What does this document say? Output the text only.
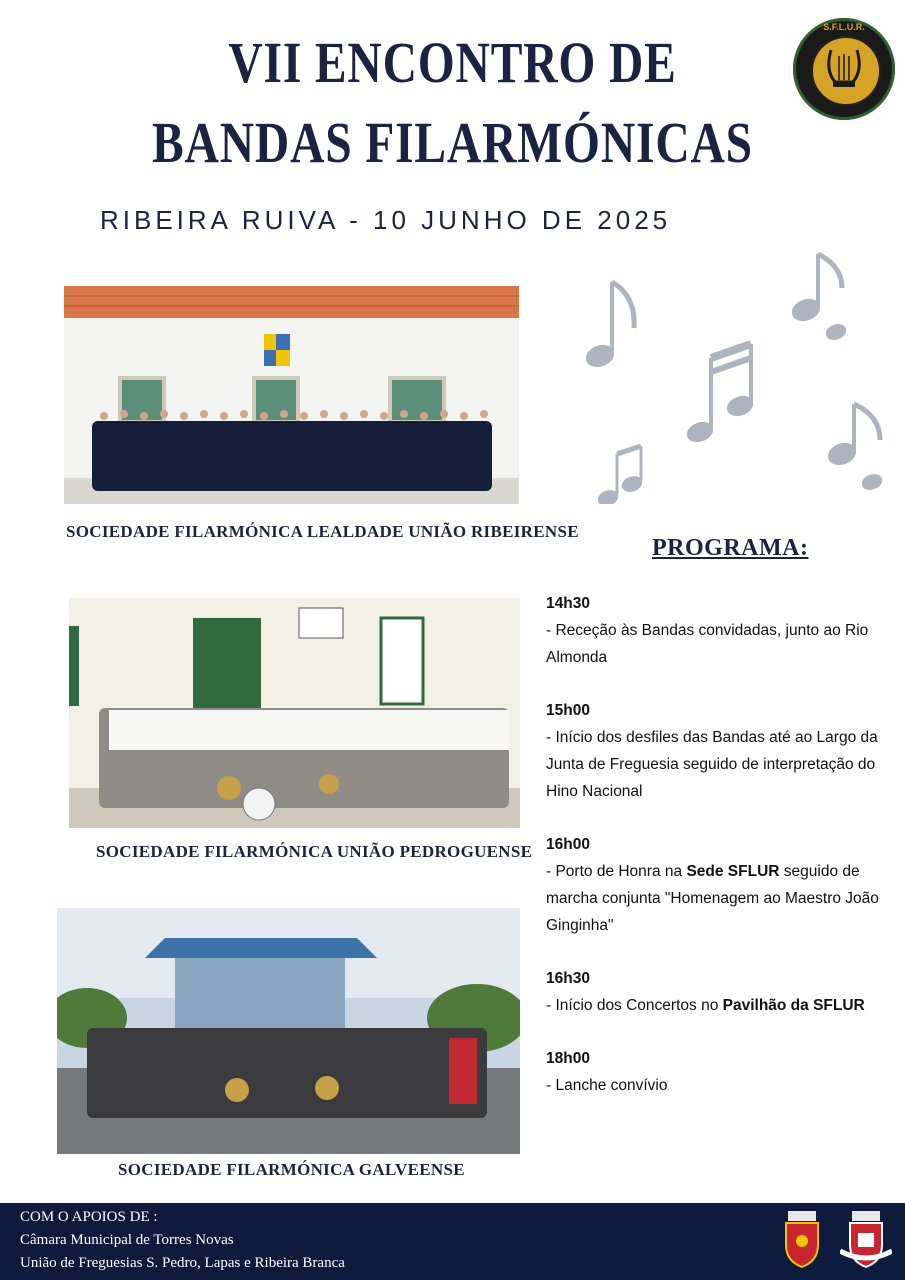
VII ENCONTRO DE
BANDAS FILARMÓNICAS
RIBEIRA RUIVA - 10 JUNHO DE 2025
S.F.L.U.R.
SOCIEDADE FILARMÓNICA LEALDADE UNIÃO RIBEIRENSE
SOCIEDADE FILARMÓNICA UNIÃO PEDROGUENSE
SOCIEDADE FILARMÓNICA GALVEENSE
PROGRAMA:
14h30
- Receção às Bandas convidadas, junto ao Rio Almonda
15h00
- Início dos desfiles das Bandas até ao Largo da Junta de Freguesia seguido de interpretação do Hino Nacional
16h00
- Porto de Honra na Sede SFLUR seguido de marcha conjunta "Homenagem ao Maestro João Ginginha"
16h30
- Início dos Concertos no Pavilhão da SFLUR
18h00
- Lanche convívio
COM O APOIOS DE :
Câmara Municipal de Torres Novas
União de Freguesias S. Pedro, Lapas e Ribeira Branca
